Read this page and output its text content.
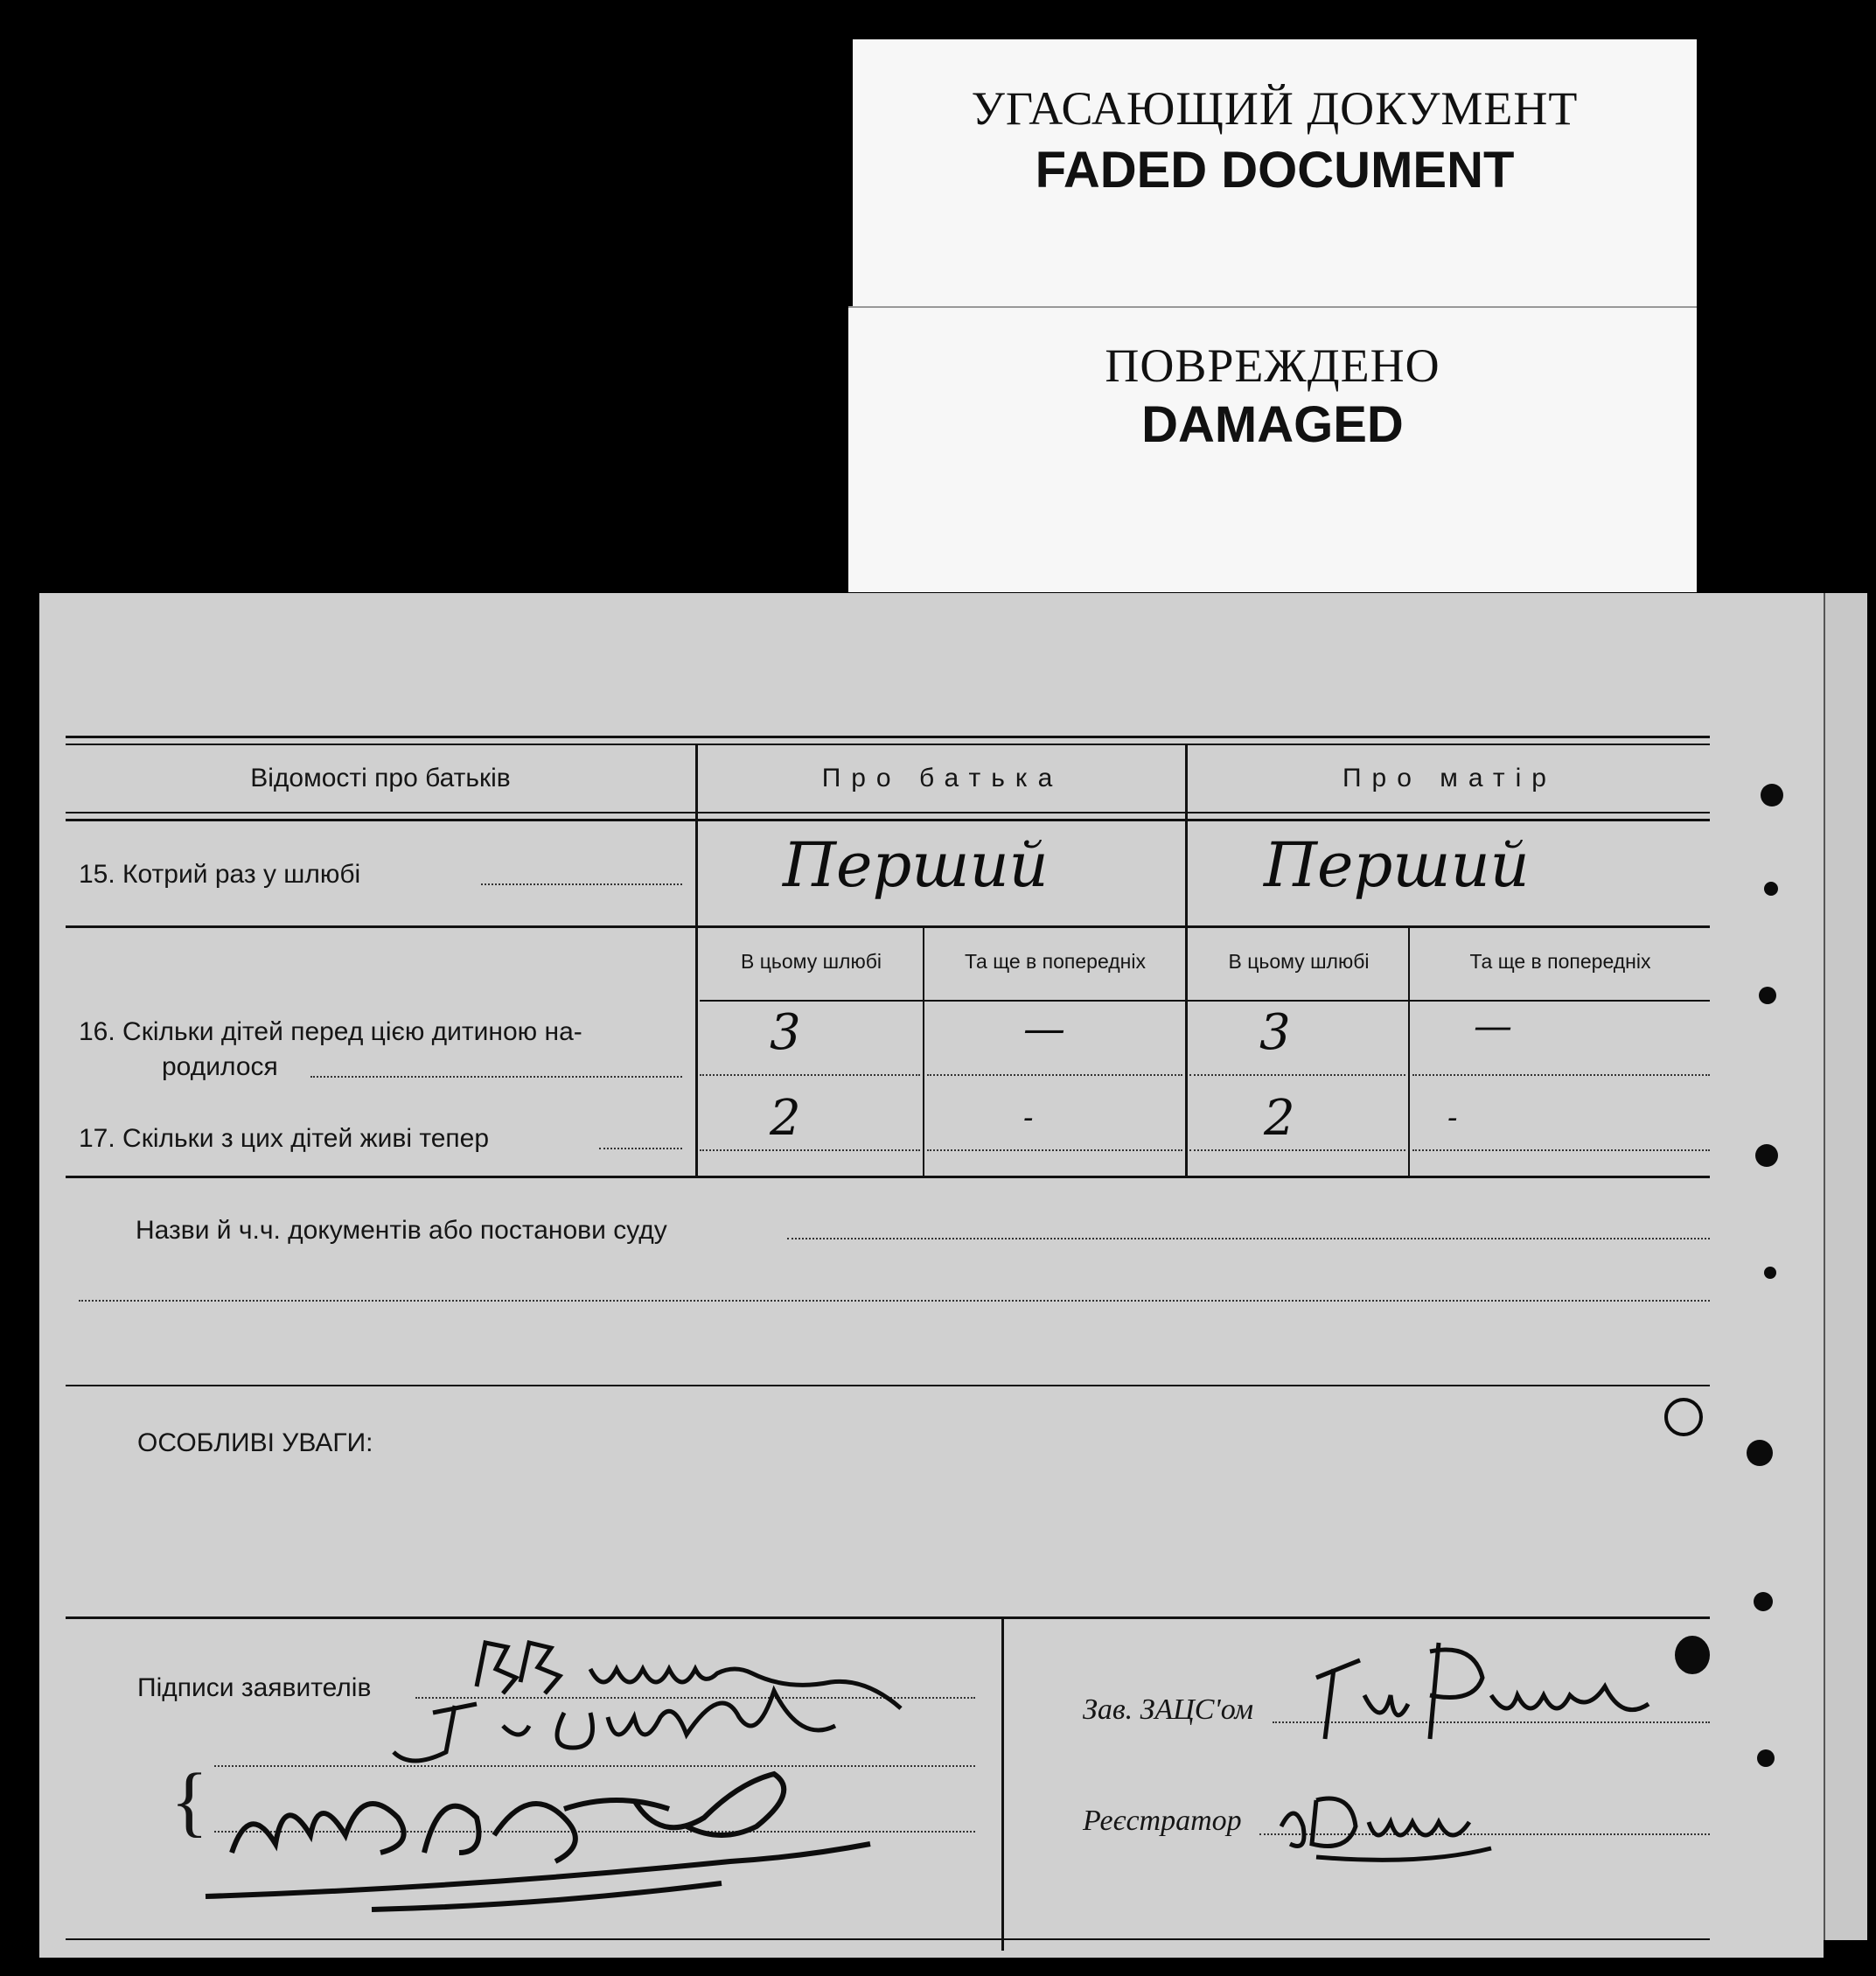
УГАСАЮЩИЙ ДОКУМЕНТ
FADED DOCUMENT
ПОВРЕЖДЕНО
DAMAGED
Відомості про батьків	Про батька	Про матір
15. Котрий раз у шлюбі	Перший	Перший
В цьому шлюбі	Та ще в попередніх	В цьому шлюбі	Та ще в попередніх
16. Скільки дітей перед цією дитиною на-
родилося
3	—	3	—
17. Скільки з цих дітей живі тепер	2	-	2	-
Назви й ч.ч. документів або постанови суду
ОСОБЛИВІ УВАГИ:
Підписи заявителів
{
Зав. ЗАЦС'ом
Реєстратор
